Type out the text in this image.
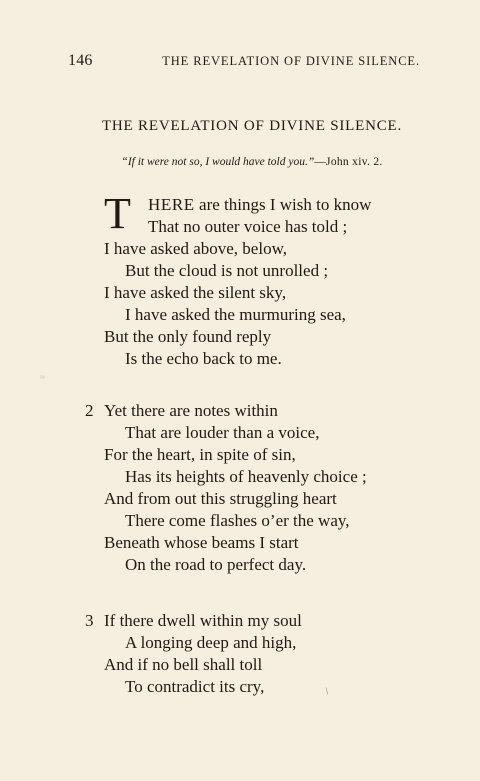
146	THE REVELATION OF DIVINE SILENCE.
THE REVELATION OF DIVINE SILENCE.
“If it were not so, I would have told you.”—John xiv. 2.
T HERE are things I wish to know
That no outer voice has told ;
I have asked above, below,
But the cloud is not unrolled ;
I have asked the silent sky,
I have asked the murmuring sea,
But the only found reply
Is the echo back to me.
≈
2 Yet there are notes within
That are louder than a voice,
For the heart, in spite of sin,
Has its heights of heavenly choice ;
And from out this struggling heart
There come flashes o’er the way,
Beneath whose beams I start
On the road to perfect day.
3 If there dwell within my soul
A longing deep and high,
And if no bell shall toll
To contradict its cry,	/
